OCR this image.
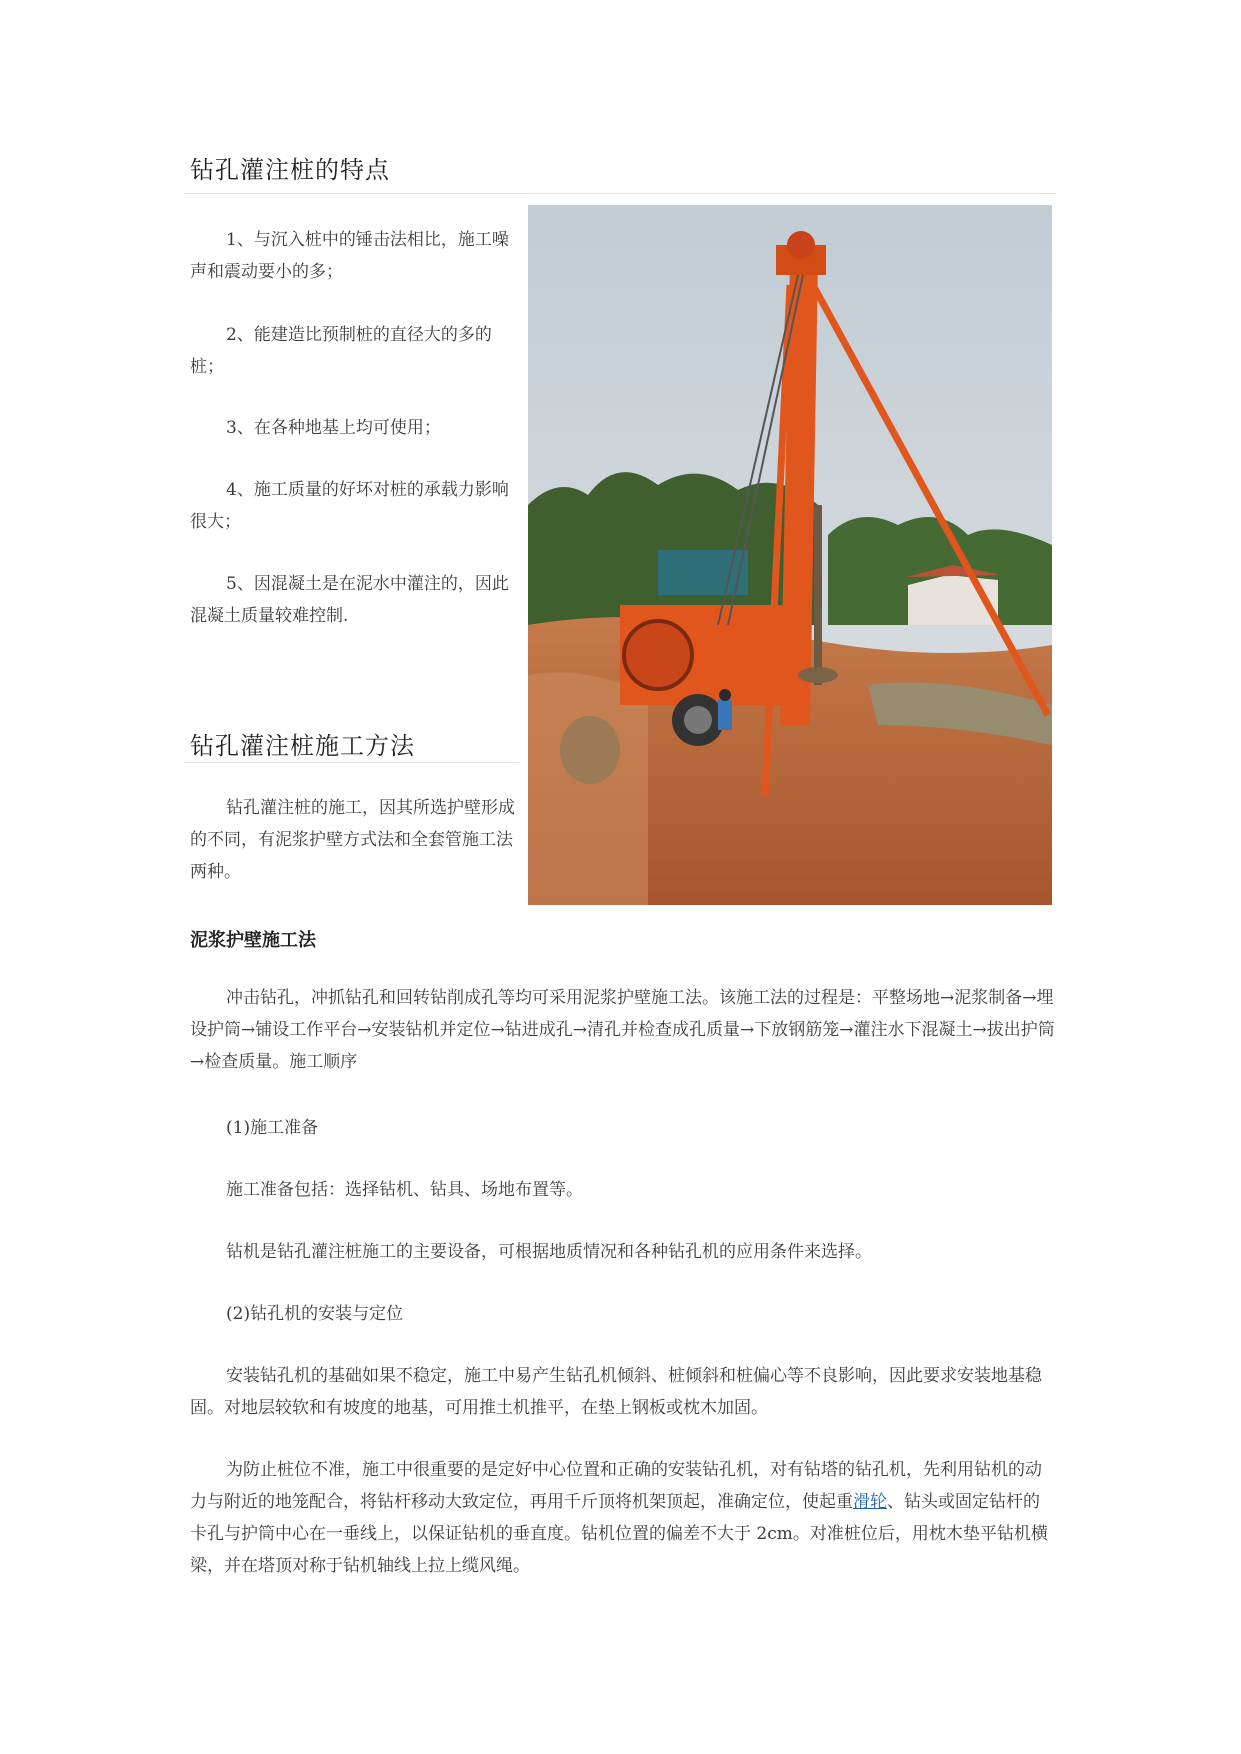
钻孔灌注桩的特点

1、与沉入桩中的锤击法相比，施工噪声和震动要小的多；

2、能建造比预制桩的直径大的多的桩；

3、在各种地基上均可使用；

4、施工质量的好坏对桩的承载力影响很大；

5、因混凝土是在泥水中灌注的，因此混凝土质量较难控制.

钻孔灌注桩施工方法

钻孔灌注桩的施工，因其所选护壁形成的不同，有泥浆护壁方式法和全套管施工法两种。

泥浆护壁施工法

冲击钻孔，冲抓钻孔和回转钻削成孔等均可采用泥浆护壁施工法。该施工法的过程是：平整场地→泥浆制备→埋设护筒→铺设工作平台→安装钻机并定位→钻进成孔→清孔并检查成孔质量→下放钢筋笼→灌注水下混凝土→拔出护筒→检查质量。施工顺序

(1)施工准备

施工准备包括：选择钻机、钻具、场地布置等。

钻机是钻孔灌注桩施工的主要设备，可根据地质情况和各种钻孔机的应用条件来选择。

(2)钻孔机的安装与定位

安装钻孔机的基础如果不稳定，施工中易产生钻孔机倾斜、桩倾斜和桩偏心等不良影响，因此要求安装地基稳固。对地层较软和有坡度的地基，可用推土机推平，在垫上钢板或枕木加固。

为防止桩位不准，施工中很重要的是定好中心位置和正确的安装钻孔机，对有钻塔的钻孔机，先利用钻机的动力与附近的地笼配合，将钻杆移动大致定位，再用千斤顶将机架顶起，准确定位，使起重滑轮、钻头或固定钻杆的卡孔与护筒中心在一垂线上，以保证钻机的垂直度。钻机位置的偏差不大于 2cm。对准桩位后，用枕木垫平钻机横梁，并在塔顶对称于钻机轴线上拉上缆风绳。
